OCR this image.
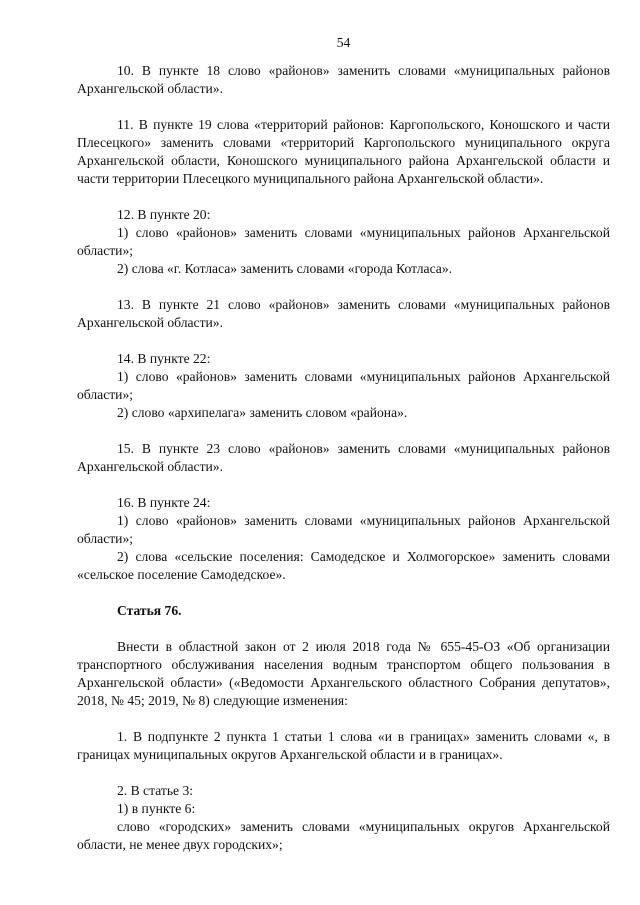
54

10. В пункте 18 слово «районов» заменить словами «муниципальных районов Архангельской области».

11. В пункте 19 слова «территорий районов: Каргопольского, Коношского и части Плесецкого» заменить словами «территорий Каргопольского муниципального округа Архангельской области, Коношского муниципального района Архангельской области и части территории Плесецкого муниципального района Архангельской области».

12. В пункте 20:

1) слово «районов» заменить словами «муниципальных районов Архангельской области»;

2) слова «г. Котласа» заменить словами «города Котласа».

13. В пункте 21 слово «районов» заменить словами «муниципальных районов Архангельской области».

14. В пункте 22:

1) слово «районов» заменить словами «муниципальных районов Архангельской области»;

2) слово «архипелага» заменить словом «района».

15. В пункте 23 слово «районов» заменить словами «муниципальных районов Архангельской области».

16. В пункте 24:

1) слово «районов» заменить словами «муниципальных районов Архангельской области»;

2) слова «сельские поселения: Самодедское и Холмогорское» заменить словами «сельское поселение Самодедское».

Статья 76.

Внести в областной закон от 2 июля 2018 года № 655-45-ОЗ «Об организации транспортного обслуживания населения водным транспортом общего пользования в Архангельской области» («Ведомости Архангельского областного Собрания депутатов», 2018, № 45; 2019, № 8) следующие изменения:

1. В подпункте 2 пункта 1 статьи 1 слова «и в границах» заменить словами «, в границах муниципальных округов Архангельской области и в границах».

2. В статье 3:

1) в пункте 6:

слово «городских» заменить словами «муниципальных округов Архангельской области, не менее двух городских»;
